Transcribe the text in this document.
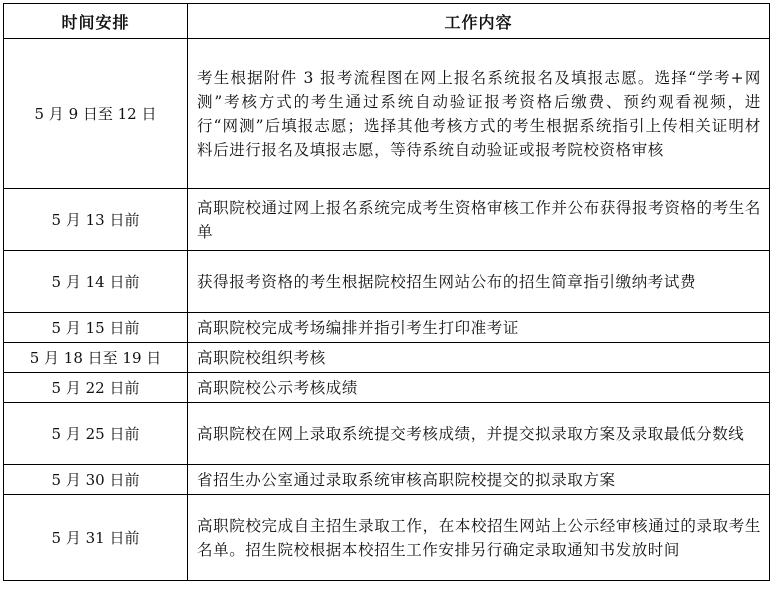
时间安排	工作内容
5 月 9 日至 12 日	考生根据附件 3 报考流程图在网上报名系统报名及填报志愿。选择“学考+网测”考核方式的考生通过系统自动验证报考资格后缴费、预约观看视频，进行“网测”后填报志愿；选择其他考核方式的考生根据系统指引上传相关证明材料后进行报名及填报志愿，等待系统自动验证或报考院校资格审核
5 月 13 日前	高职院校通过网上报名系统完成考生资格审核工作并公布获得报考资格的考生名单
5 月 14 日前	获得报考资格的考生根据院校招生网站公布的招生简章指引缴纳考试费
5 月 15 日前	高职院校完成考场编排并指引考生打印准考证
5 月 18 日至 19 日	高职院校组织考核
5 月 22 日前	高职院校公示考核成绩
5 月 25 日前	高职院校在网上录取系统提交考核成绩，并提交拟录取方案及录取最低分数线
5 月 30 日前	省招生办公室通过录取系统审核高职院校提交的拟录取方案
5 月 31 日前	高职院校完成自主招生录取工作，在本校招生网站上公示经审核通过的录取考生名单。招生院校根据本校招生工作安排另行确定录取通知书发放时间
